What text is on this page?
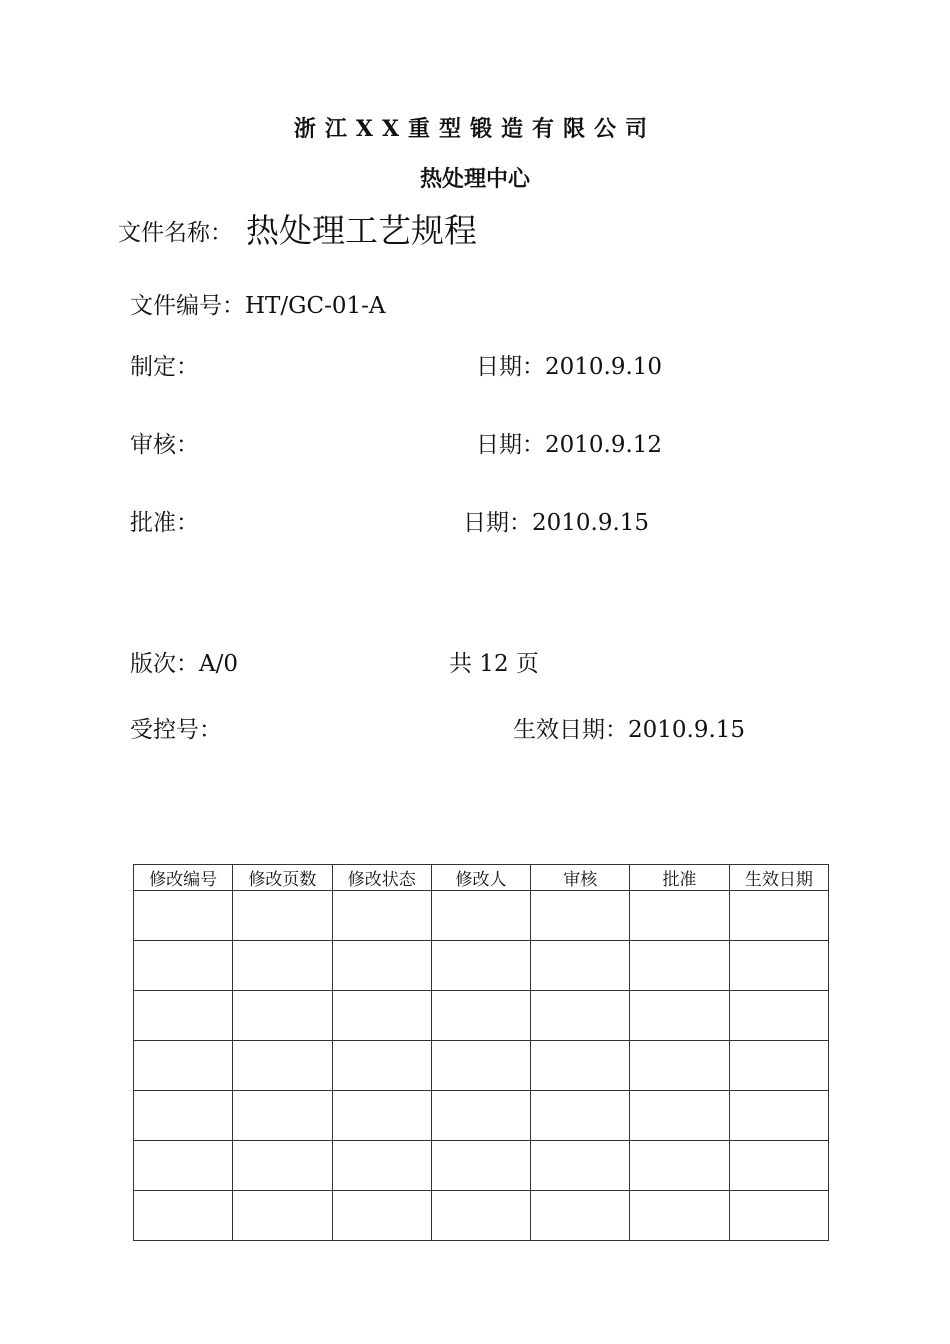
浙江XX重型锻造有限公司
热处理中心
文件名称： 热处理工艺规程
文件编号：HT/GC-01-A
制定：	日期：2010.9.10
审核：	日期：2010.9.12
批准：	日期：2010.9.15
版次：A/0	共 12 页
受控号：	生效日期：2010.9.15
修改编号	修改页数	修改状态	修改人	审核	批准	生效日期
